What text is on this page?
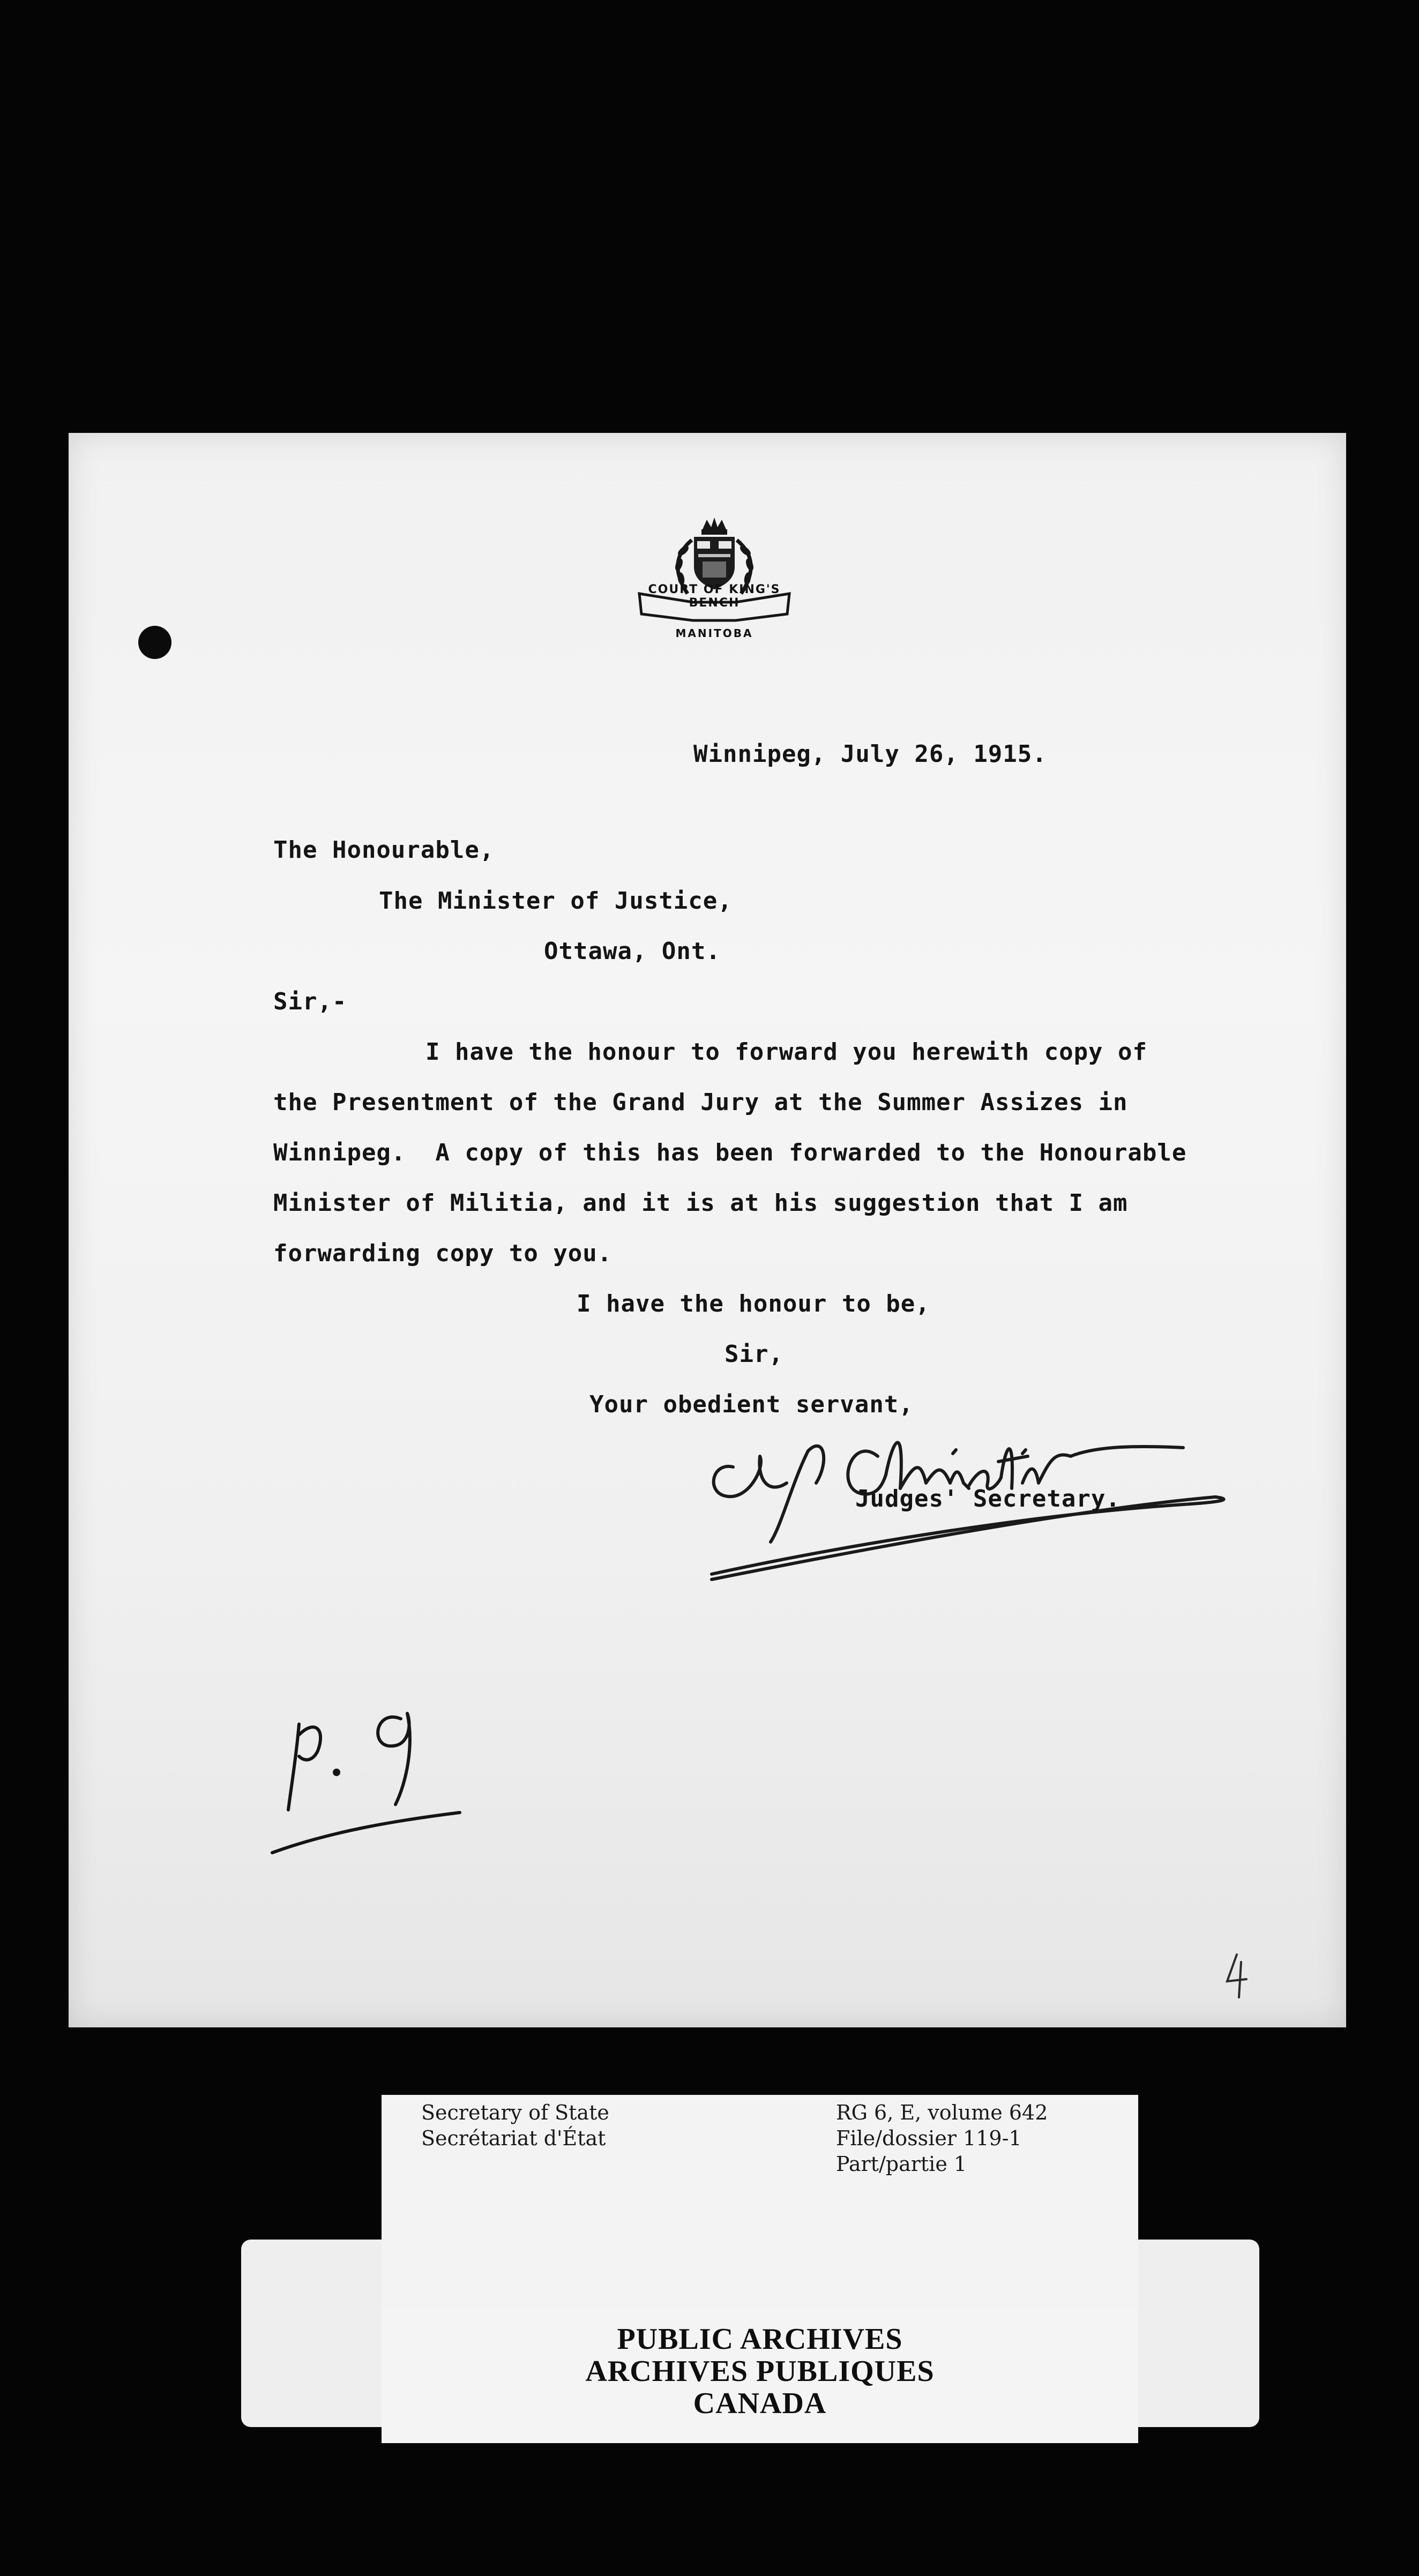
COURT OF KING'S BENCH
MANITOBA

Winnipeg, July 26, 1915.

The Honourable,

The Minister of Justice,

Ottawa, Ont.

Sir,-

I have the honour to forward you herewith copy of

the Presentment of the Grand Jury at the Summer Assizes in

Winnipeg.  A copy of this has been forwarded to the Honourable

Minister of Militia, and it is at his suggestion that I am

forwarding copy to you.

I have the honour to be,

Sir,

Your obedient servant,

Judges' Secretary.

Secretary of State
Secrétariat d'État
RG 6, E, volume 642
File/dossier 119-1
Part/partie 1
PUBLIC ARCHIVES
ARCHIVES PUBLIQUES
CANADA
